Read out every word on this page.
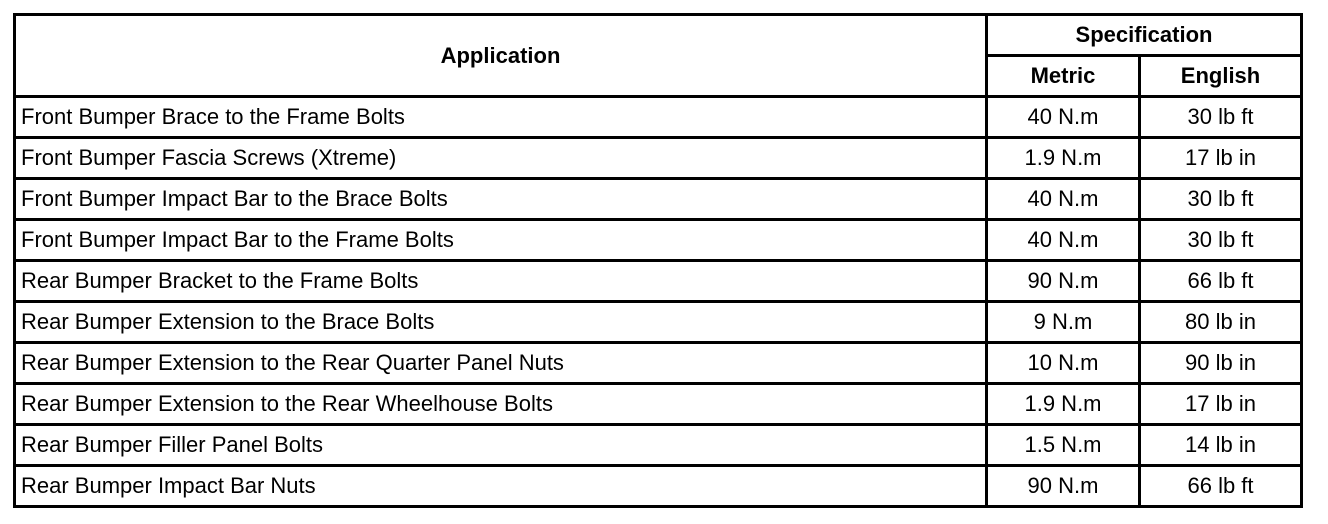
Application	Specification	
	Metric	English
Front Bumper Brace to the Frame Bolts	40 N.m	30 lb ft
Front Bumper Fascia Screws (Xtreme)	1.9 N.m	17 lb in
Front Bumper Impact Bar to the Brace Bolts	40 N.m	30 lb ft
Front Bumper Impact Bar to the Frame Bolts	40 N.m	30 lb ft
Rear Bumper Bracket to the Frame Bolts	90 N.m	66 lb ft
Rear Bumper Extension to the Brace Bolts	9 N.m	80 lb in
Rear Bumper Extension to the Rear Quarter Panel Nuts	10 N.m	90 lb in
Rear Bumper Extension to the Rear Wheelhouse Bolts	1.9 N.m	17 lb in
Rear Bumper Filler Panel Bolts	1.5 N.m	14 lb in
Rear Bumper Impact Bar Nuts	90 N.m	66 lb ft
